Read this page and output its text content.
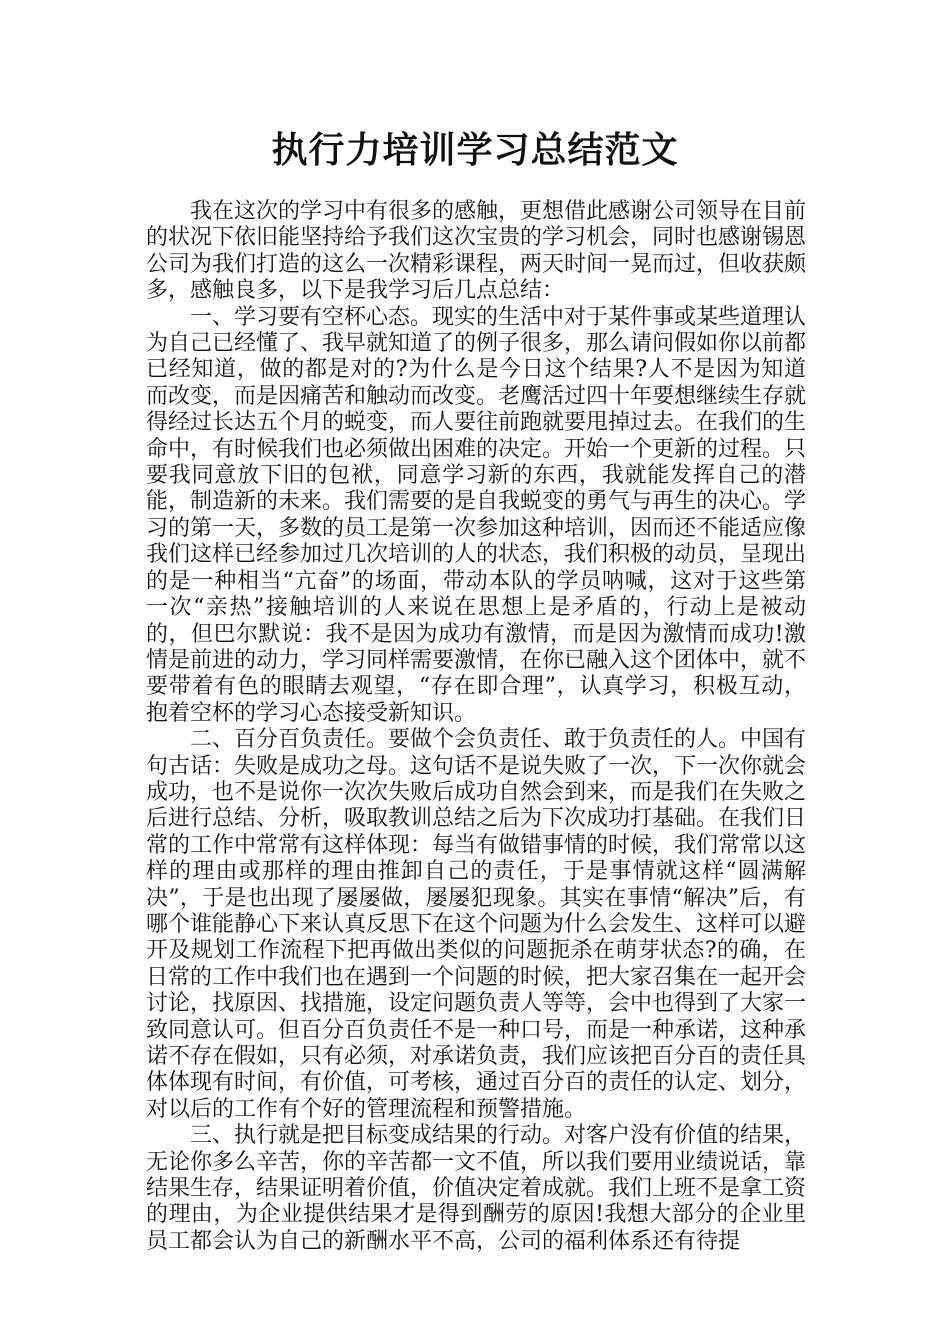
执行力培训学习总结范文

我在这次的学习中有很多的感触，更想借此感谢公司领导在目前的状况下依旧能坚持给予我们这次宝贵的学习机会，同时也感谢锡恩公司为我们打造的这么一次精彩课程，两天时间一晃而过，但收获颇多，感触良多，以下是我学习后几点总结：

一、学习要有空杯心态。现实的生活中对于某件事或某些道理认为自己已经懂了、我早就知道了的例子很多，那么请问假如你以前都已经知道，做的都是对的?为什么是今日这个结果?人不是因为知道而改变，而是因痛苦和触动而改变。老鹰活过四十年要想继续生存就得经过长达五个月的蜕变，而人要往前跑就要甩掉过去。在我们的生命中，有时候我们也必须做出困难的决定。开始一个更新的过程。只要我同意放下旧的包袱，同意学习新的东西，我就能发挥自己的潜能，制造新的未来。我们需要的是自我蜕变的勇气与再生的决心。学习的第一天，多数的员工是第一次参加这种培训，因而还不能适应像我们这样已经参加过几次培训的人的状态，我们积极的动员，呈现出的是一种相当“亢奋”的场面，带动本队的学员呐喊，这对于这些第一次“亲热”接触培训的人来说在思想上是矛盾的，行动上是被动的，但巴尔默说：我不是因为成功有激情，而是因为激情而成功!激情是前进的动力，学习同样需要激情，在你已融入这个团体中，就不要带着有色的眼睛去观望，“存在即合理”，认真学习，积极互动，抱着空杯的学习心态接受新知识。

二、百分百负责任。要做个会负责任、敢于负责任的人。中国有句古话：失败是成功之母。这句话不是说失败了一次，下一次你就会成功，也不是说你一次次失败后成功自然会到来，而是我们在失败之后进行总结、分析，吸取教训总结之后为下次成功打基础。在我们日常的工作中常常有这样体现：每当有做错事情的时候，我们常常以这样的理由或那样的理由推卸自己的责任，于是事情就这样“圆满解决”，于是也出现了屡屡做，屡屡犯现象。其实在事情“解决”后，有哪个谁能静心下来认真反思下在这个问题为什么会发生、这样可以避开及规划工作流程下把再做出类似的问题扼杀在萌芽状态?的确，在日常的工作中我们也在遇到一个问题的时候，把大家召集在一起开会讨论，找原因、找措施，设定问题负责人等等，会中也得到了大家一致同意认可。但百分百负责任不是一种口号，而是一种承诺，这种承诺不存在假如，只有必须，对承诺负责，我们应该把百分百的责任具体体现有时间，有价值，可考核，通过百分百的责任的认定、划分，对以后的工作有个好的管理流程和预警措施。

三、执行就是把目标变成结果的行动。对客户没有价值的结果，无论你多么辛苦，你的辛苦都一文不值，所以我们要用业绩说话，靠结果生存，结果证明着价值，价值决定着成就。我们上班不是拿工资的理由，为企业提供结果才是得到酬劳的原因!我想大部分的企业里员工都会认为自己的新酬水平不高，公司的福利体系还有待提
